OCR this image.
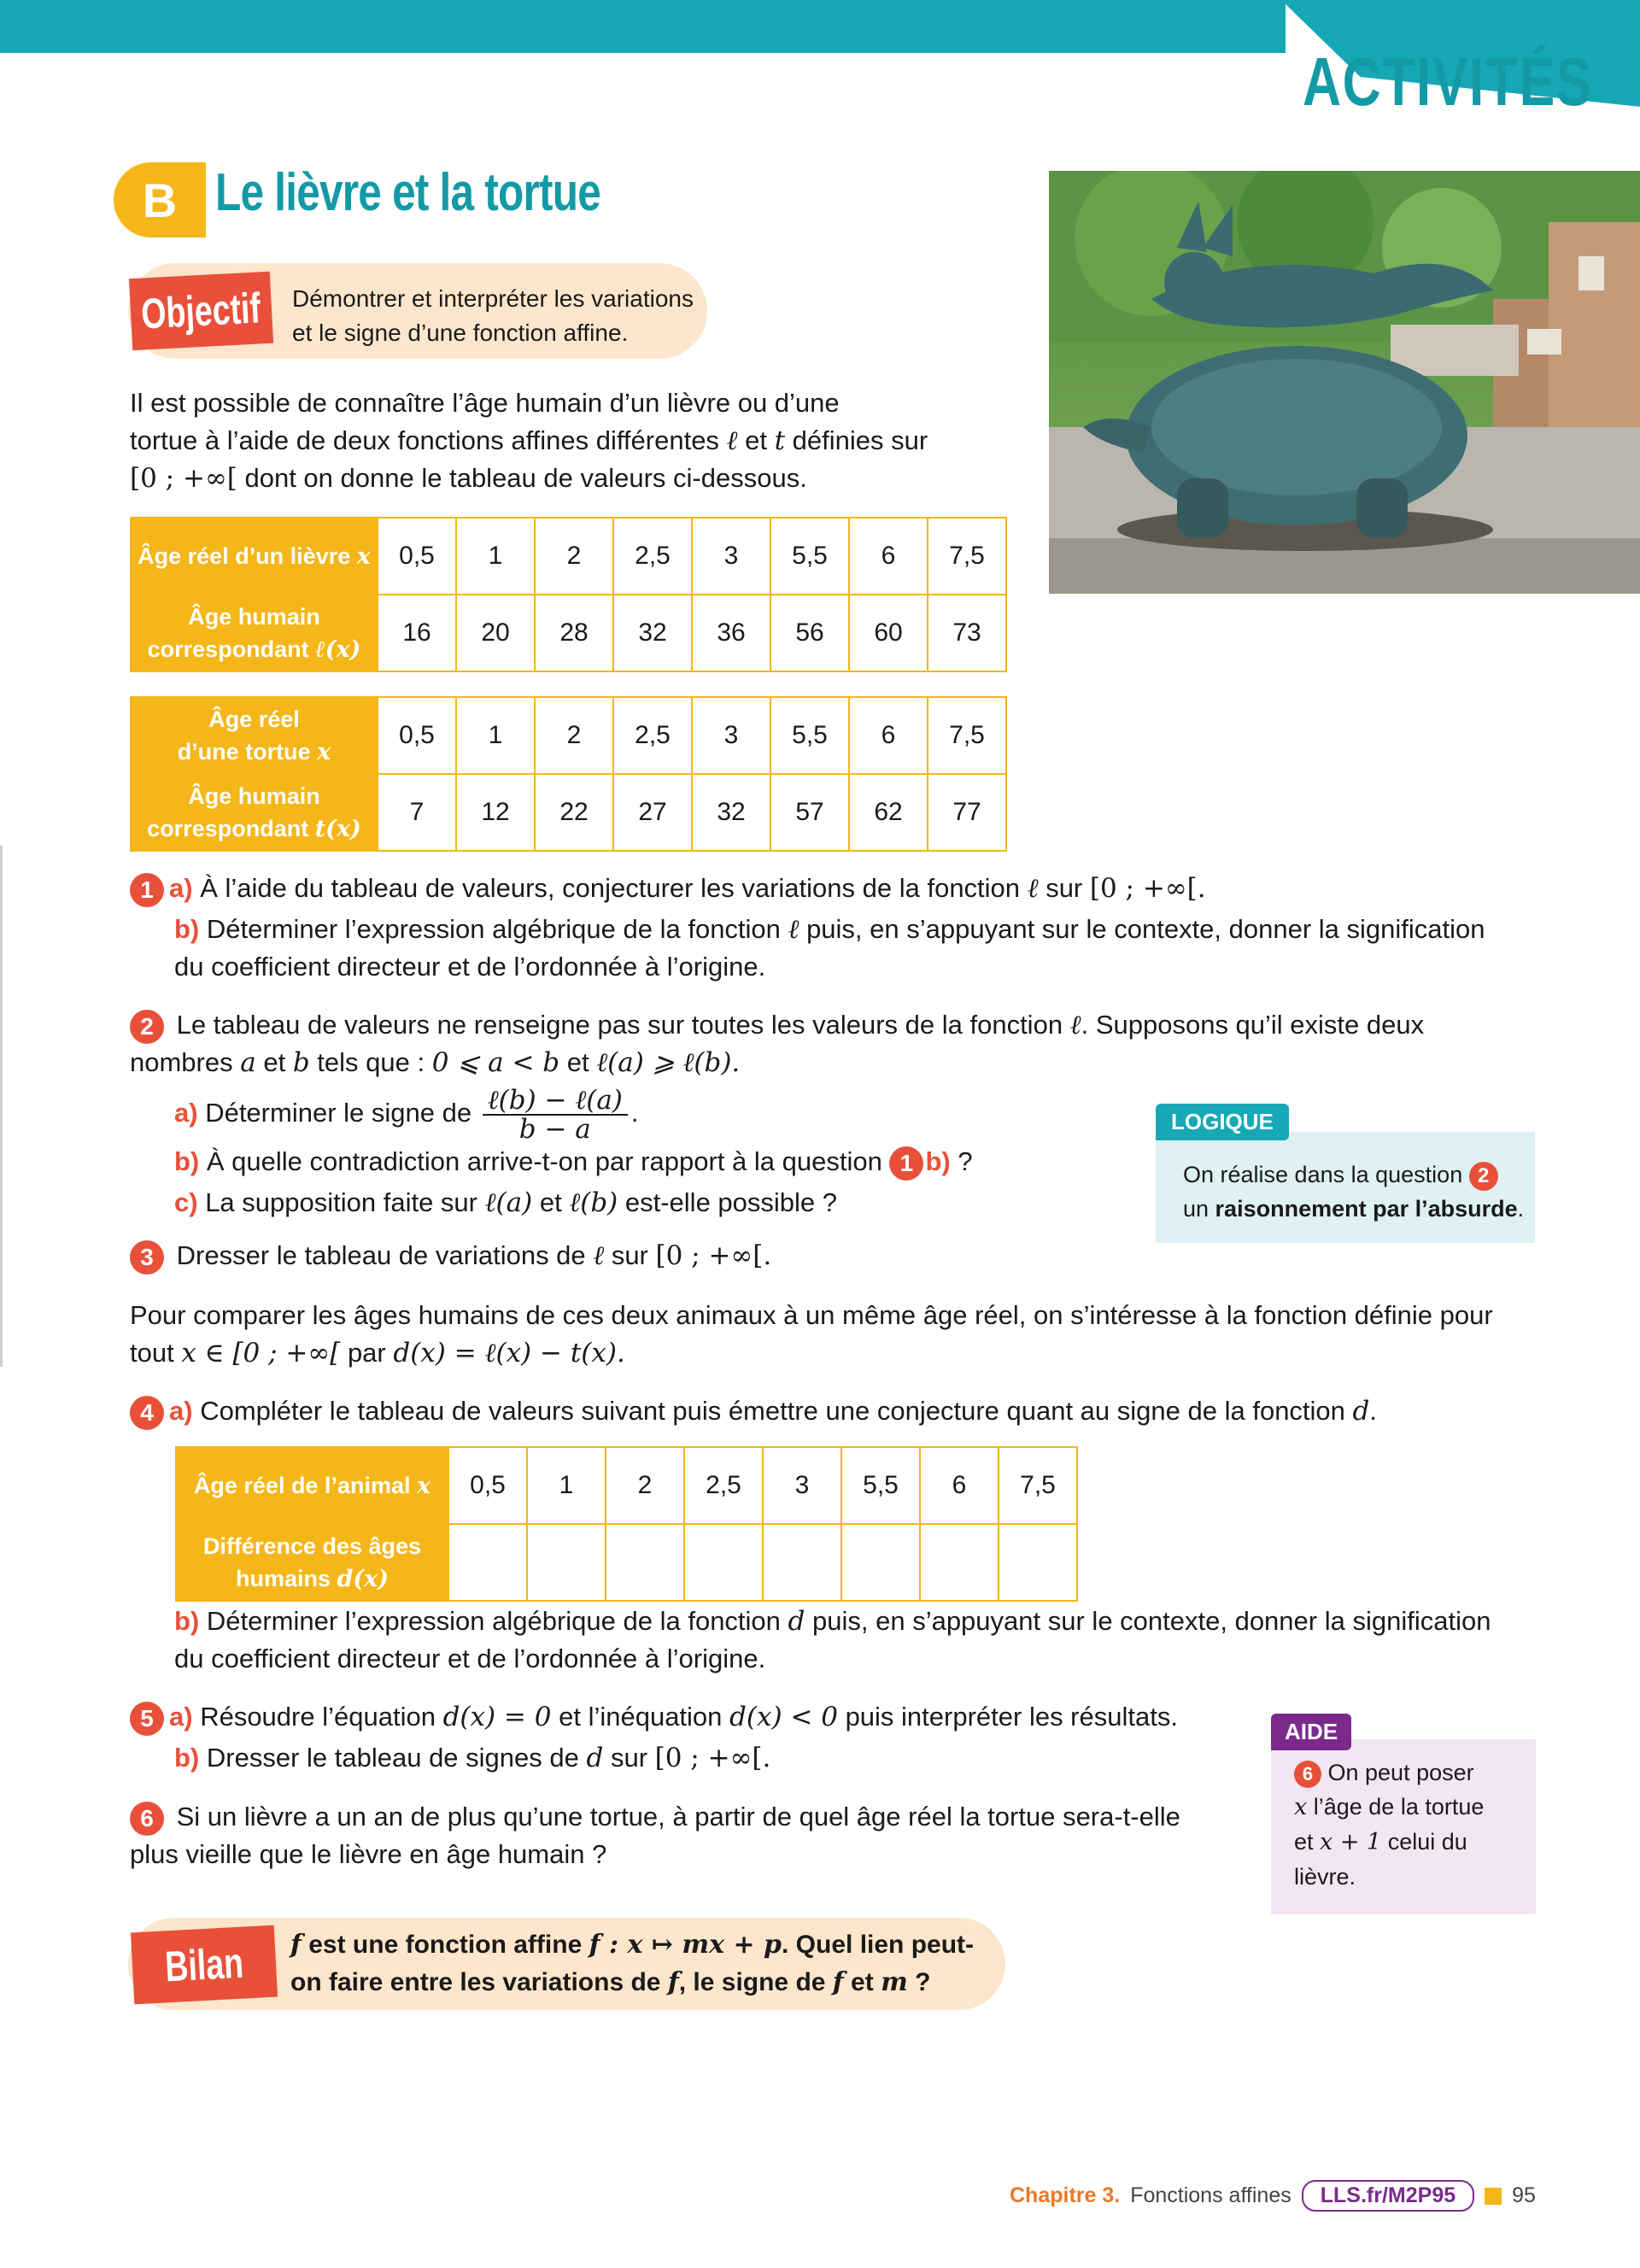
ACTIVITÉS
B Le lièvre et la tortue
Objectif Démontrer et interpréter les variations
et le signe d’une fonction affine.
Il est possible de connaître l’âge humain d’un lièvre ou d’une
tortue à l’aide de deux fonctions affines différentes ℓ et t définies sur
[0 ; +∞[ dont on donne le tableau de valeurs ci-dessous.
Âge réel d’un lièvre x	0,5	1	2	2,5	3	5,5	6	7,5
Âge humain
correspondant ℓ(x)	16	20	28	32	36	56	60	73
Âge réel
d’une tortue x	0,5	1	2	2,5	3	5,5	6	7,5
Âge humain
correspondant t(x)	7	12	22	27	32	57	62	77
1 a) À l’aide du tableau de valeurs, conjecturer les variations de la fonction ℓ sur [0 ; +∞[.
b) Déterminer l’expression algébrique de la fonction ℓ puis, en s’appuyant sur le contexte, donner la signification
du coefficient directeur et de l’ordonnée à l’origine.
2 Le tableau de valeurs ne renseigne pas sur toutes les valeurs de la fonction ℓ. Supposons qu’il existe deux
nombres a et b tels que : 0 ⩽ a < b et ℓ(a) ⩾ ℓ(b).
a) Déterminer le signe de $\frac{\text{ℓ(b) − ℓ(a)}}{b - a}$ .
b) À quelle contradiction arrive-t-on par rapport à la question 1 b) ?
c) La supposition faite sur ℓ(a) et ℓ(b) est-elle possible ?
LOGIQUE
On réalise dans la question 2
un raisonnement par l’absurde.
3 Dresser le tableau de variations de ℓ sur [0 ; +∞[.
Pour comparer les âges humains de ces deux animaux à un même âge réel, on s’intéresse à la fonction définie pour
tout x ∈ [0 ; +∞[ par d(x) = ℓ(x) − t(x).
4 a) Compléter le tableau de valeurs suivant puis émettre une conjecture quant au signe de la fonction d.
Âge réel de l’animal x	0,5	1	2	2,5	3	5,5	6	7,5
Différence des âges
humains d(x)								
b) Déterminer l’expression algébrique de la fonction d puis, en s’appuyant sur le contexte, donner la signification
du coefficient directeur et de l’ordonnée à l’origine.
5 a) Résoudre l’équation d(x) = 0 et l’inéquation d(x) < 0 puis interpréter les résultats.
b) Dresser le tableau de signes de d sur [0 ; +∞[.
6 Si un lièvre a un an de plus qu’une tortue, à partir de quel âge réel la tortue sera-t-elle
plus vieille que le lièvre en âge humain ?
AIDE
6 On peut poser
x l’âge de la tortue
et x + 1 celui du
lièvre.
Bilan f est une fonction affine f : x ↦ mx + p. Quel lien peut-
on faire entre les variations de f, le signe de f et m ?
Chapitre 3. Fonctions affines	LLS.fr/M2P95	95
